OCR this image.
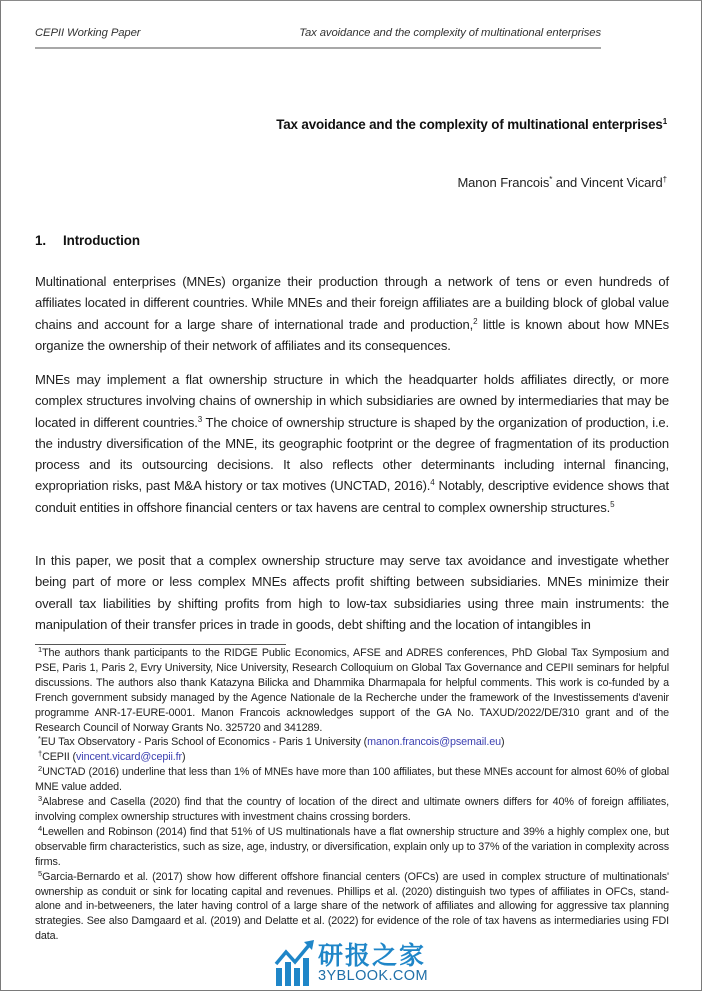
CEPII Working Paper	Tax avoidance and the complexity of multinational enterprises
Tax avoidance and the complexity of multinational enterprises$^1$
Manon Francois* and Vincent Vicard†
1. Introduction
Multinational enterprises (MNEs) organize their production through a network of tens or even hundreds of affiliates located in different countries. While MNEs and their foreign affiliates are a building block of global value chains and account for a large share of international trade and production,$^2$ little is known about how MNEs organize the ownership of their network of affiliates and its consequences.
MNEs may implement a flat ownership structure in which the headquarter holds affiliates directly, or more complex structures involving chains of ownership in which subsidiaries are owned by intermediaries that may be located in different countries.$^3$ The choice of ownership structure is shaped by the organization of production, i.e. the industry diversification of the MNE, its geographic footprint or the degree of fragmentation of its production process and its outsourcing decisions. It also reflects other determinants including internal financing, expropriation risks, past M&A history or tax motives (UNCTAD, 2016).$^4$ Notably, descriptive evidence shows that conduit entities in offshore financial centers or tax havens are central to complex ownership structures.$^5$
In this paper, we posit that a complex ownership structure may serve tax avoidance and investigate whether being part of more or less complex MNEs affects profit shifting between subsidiaries. MNEs minimize their overall tax liabilities by shifting profits from high to low-tax subsidiaries using three main instruments: the manipulation of their transfer prices in trade in goods, debt shifting and the location of intangibles in
$^1$The authors thank participants to the RIDGE Public Economics, AFSE and ADRES conferences, PhD Global Tax Symposium and PSE, Paris 1, Paris 2, Evry University, Nice University, Research Colloquium on Global Tax Governance and CEPII seminars for helpful discussions. The authors also thank Katazyna Bilicka and Dhammika Dharmapala for helpful comments. This work is co-funded by a French government subsidy managed by the Agence Nationale de la Recherche under the framework of the Investissements d'avenir programme ANR-17-EURE-0001. Manon Francois acknowledges support of the GA No. TAXUD/2022/DE/310 grant and of the Research Council of Norway Grants No. 325720 and 341289.
*EU Tax Observatory - Paris School of Economics - Paris 1 University (manon.francois@psemail.eu)
†CEPII (vincent.vicard@cepii.fr)
$^2$UNCTAD (2016) underline that less than 1% of MNEs have more than 100 affiliates, but these MNEs account for almost 60% of global MNE value added.
$^3$Alabrese and Casella (2020) find that the country of location of the direct and ultimate owners differs for 40% of foreign affiliates, involving complex ownership structures with investment chains crossing borders.
$^4$Lewellen and Robinson (2014) find that 51% of US multinationals have a flat ownership structure and 39% a highly complex one, but observable firm characteristics, such as size, age, industry, or diversification, explain only up to 37% of the variation in complexity across firms.
$^5$Garcia-Bernardo et al. (2017) show how different offshore financial centers (OFCs) are used in complex structure of multinationals' ownership as conduit or sink for locating capital and revenues. Phillips et al. (2020) distinguish two types of affiliates in OFCs, stand-alone and in-betweeners, the later having control of a large share of the network of affiliates and allowing for aggressive tax planning strategies. See also Damgaard et al. (2019) and Delatte et al. (2022) for evidence of the role of tax havens as intermediaries using FDI data.
研报之家
3YBLOOK.COM
